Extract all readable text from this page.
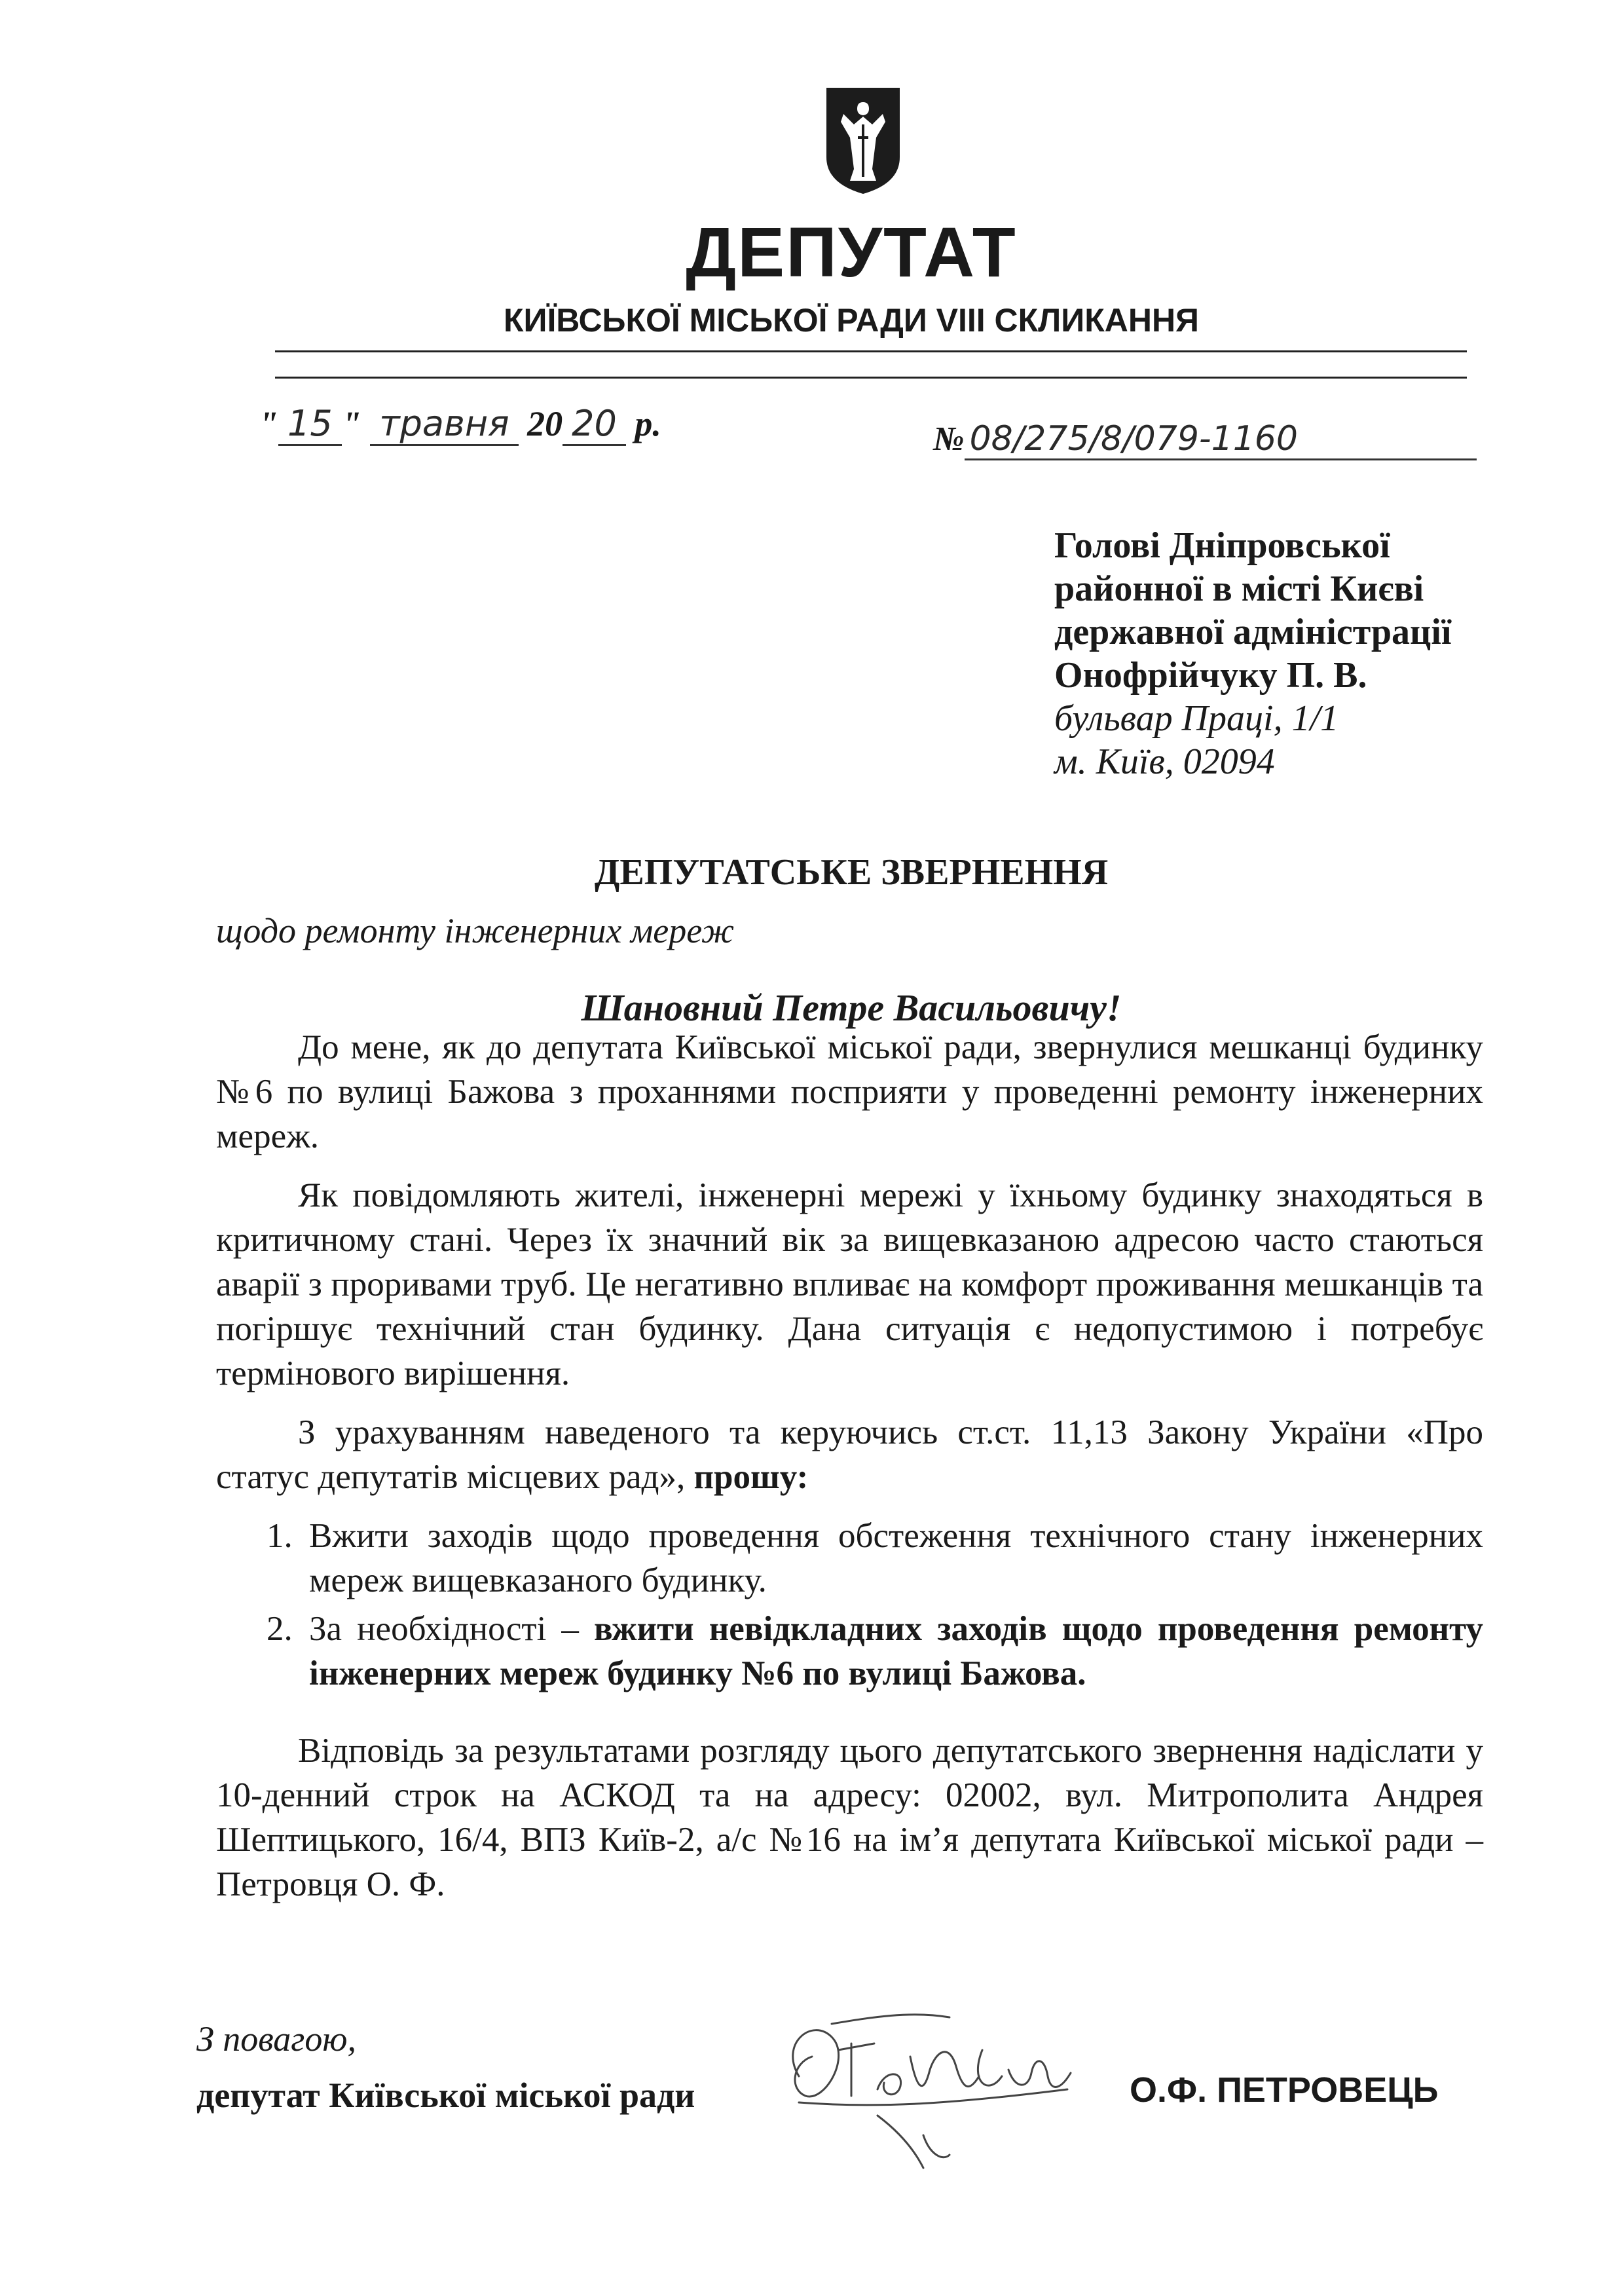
ДЕПУТАТ
КИЇВСЬКОЇ МІСЬКОЇ РАДИ VIII СКЛИКАННЯ
" 15 " травня 20 20 р.	№ 08/275/8/079-1160
Голові Дніпровської
районної в місті Києві
державної адміністрації
Онофрійчуку П. В.
бульвар Праці, 1/1
м. Київ, 02094
ДЕПУТАТСЬКЕ ЗВЕРНЕННЯ
щодо ремонту інженерних мереж
Шановний Петре Васильовичу!

До мене, як до депутата Київської міської ради, звернулися мешканці будинку №6 по вулиці Бажова з проханнями посприяти у проведенні ремонту інженерних мереж.

Як повідомляють жителі, інженерні мережі у їхньому будинку знаходяться в критичному стані. Через їх значний вік за вищевказаною адресою часто стаються аварії з проривами труб. Це негативно впливає на комфорт проживання мешканців та погіршує технічний стан будинку. Дана ситуація є недопустимою і потребує термінового вирішення.

З урахуванням наведеного та керуючись ст.ст. 11,13 Закону України «Про статус депутатів місцевих рад», прошу:

1. Вжити заходів щодо проведення обстеження технічного стану інженерних мереж вищевказаного будинку.
2. За необхідності – вжити невідкладних заходів щодо проведення ремонту інженерних мереж будинку №6 по вулиці Бажова.

Відповідь за результатами розгляду цього депутатського звернення надіслати у 10-денний строк на АСКОД та на адресу: 02002, вул. Митрополита Андрея Шептицького, 16/4, ВПЗ Київ-2, а/с №16 на ім’я депутата Київської міської ради – Петровця О. Ф.

З повагою,
депутат Київської міської ради	О.Ф. ПЕТРОВЕЦЬ
